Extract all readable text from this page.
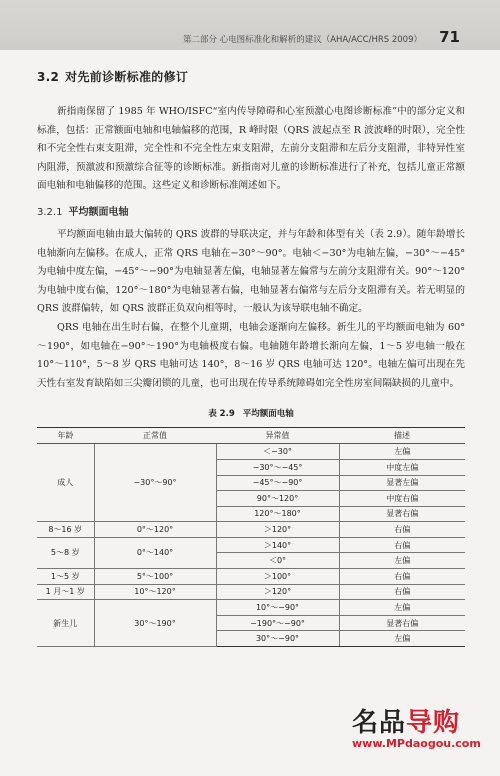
第二部分 心电图标准化和解析的建议（AHA/ACC/HRS 2009） 71
3.2 对先前诊断标准的修订

新指南保留了 1985 年 WHO/ISFC“室内传导障碍和心室预激心电图诊断标准”中的部分定义和标准，包括：正常额面电轴和电轴偏移的范围，R 峰时限（QRS 波起点至 R 波波峰的时限），完全性和不完全性右束支阻滞，完全性和不完全性左束支阻滞，左前分支阻滞和左后分支阻滞，非特异性室内阻滞，预激波和预激综合征等的诊断标准。新指南对儿童的诊断标准进行了补充，包括儿童正常额面电轴和电轴偏移的范围。这些定义和诊断标准阐述如下。

3.2.1 平均额面电轴

平均额面电轴由最大偏转的 QRS 波群的导联决定，并与年龄和体型有关（表 2.9）。随年龄增长电轴渐向左偏移。在成人，正常 QRS 电轴在−30°～90°。电轴＜−30°为电轴左偏，−30°～−45°为电轴中度左偏，−45°～−90°为电轴显著左偏，电轴显著左偏常与左前分支阻滞有关。90°～120°为电轴中度右偏，120°～180°为电轴显著右偏，电轴显著右偏常与左后分支阻滞有关。若无明显的 QRS 波群偏转，如 QRS 波群正负双向相等时，一般认为该导联电轴不确定。

QRS 电轴在出生时右偏，在整个儿童期，电轴会逐渐向左偏移。新生儿的平均额面电轴为 60°～190°，如电轴在−90°～190°为电轴极度右偏。电轴随年龄增长渐向左偏，1～5 岁电轴一般在 10°～110°，5～8 岁 QRS 电轴可达 140°，8～16 岁 QRS 电轴可达 120°。电轴左偏可出现在先天性右室发育缺陷如三尖瓣闭锁的儿童，也可出现在传导系统障碍如完全性房室间隔缺损的儿童中。

表 2.9 平均额面电轴
年龄	正常值	异常值	描述
成人	−30°～90°	＜−30°	左偏
		−30°～−45°	中度左偏
		−45°～−90°	显著左偏
		90°～120°	中度右偏
		120°～180°	显著右偏
8～16 岁	0°～120°	＞120°	右偏
5～8 岁	0°～140°	＞140°	右偏
		＜0°	左偏
1～5 岁	5°～100°	＞100°	右偏
1 月～1 岁	10°～120°	＞120°	右偏
新生儿	30°～190°	10°～−90°	左偏
		−190°～−90°	显著右偏
		30°～−90°	左偏
名品导购
www.MPdaogou.com
